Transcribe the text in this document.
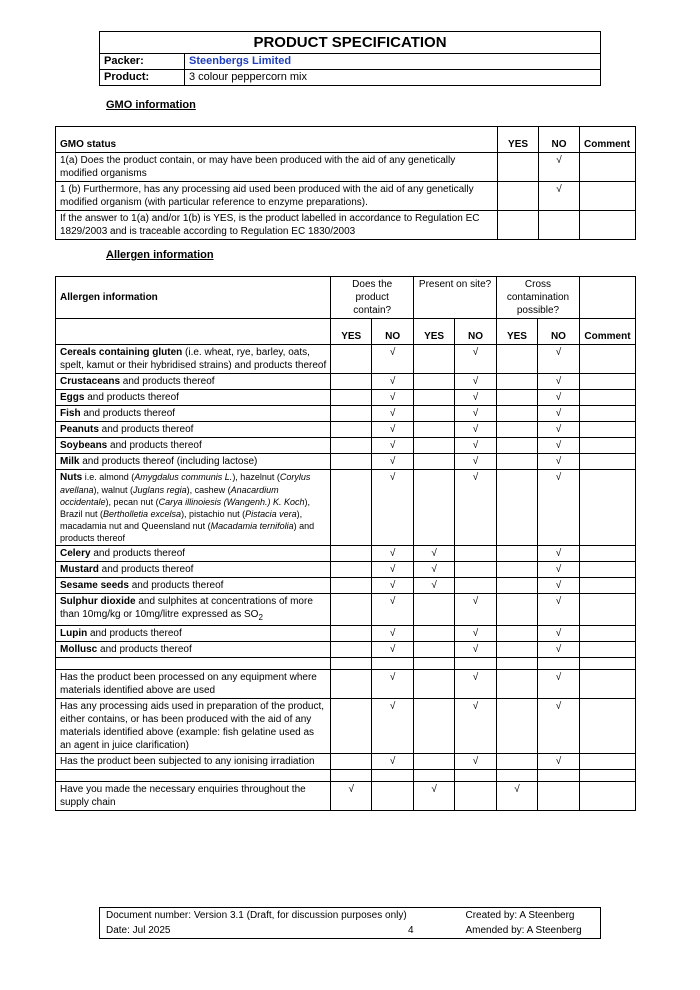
PRODUCT SPECIFICATION	
Packer:	Steenbergs Limited
Product:	3 colour peppercorn mix
GMO information
GMO status	YES	NO	Comment
1(a) Does the product contain, or may have been produced with the aid of any genetically modified organisms		√	
1 (b) Furthermore, has any processing aid used been produced with the aid of any genetically modified organism (with particular reference to enzyme preparations).		√	
If the answer to 1(a) and/or 1(b) is YES, is the product labelled in accordance to Regulation EC 1829/2003 and is traceable according to Regulation EC 1830/2003			
Allergen information
Allergen information	Does the product contain?		Present on site?		Cross contamination possible?		
	YES	NO	YES	NO	YES	NO	Comment
Cereals containing gluten (i.e. wheat, rye, barley, oats, spelt, kamut or their hybridised strains) and products thereof		√		√		√	
Crustaceans and products thereof		√		√		√	
Eggs and products thereof		√		√		√	
Fish and products thereof		√		√		√	
Peanuts and products thereof		√		√		√	
Soybeans and products thereof		√		√		√	
Milk and products thereof (including lactose)		√		√		√	
Nuts i.e. almond (Amygdalus communis L.), hazelnut (Corylus avellana), walnut (Juglans regia), cashew (Anacardium occidentale), pecan nut (Carya illinoiesis (Wangenh.) K. Koch), Brazil nut (Bertholletia excelsa), pistachio nut (Pistacia vera), macadamia nut and Queensland nut (Macadamia ternifolia) and products thereof		√		√		√	
Celery and products thereof		√	√			√	
Mustard and products thereof		√	√			√	
Sesame seeds and products thereof		√	√			√	
Sulphur dioxide and sulphites at concentrations of more than 10mg/kg or 10mg/litre expressed as $SO_2$		√		√		√	
Lupin and products thereof		√		√		√	
Mollusc and products thereof		√		√		√	

Has the product been processed on any equipment where materials identified above are used		√		√		√	
Has any processing aids used in preparation of the product, either contains, or has been produced with the aid of any materials identified above (example: fish gelatine used as an agent in juice clarification)		√		√		√	
Has the product been subjected to any ionising irradiation		√		√		√	

Have you made the necessary enquiries throughout the supply chain	√		√		√		
Document number: Version 3.1 (Draft, for discussion purposes only)		Created by: A Steenberg
Date: Jul 2025	4	Amended by: A Steenberg
